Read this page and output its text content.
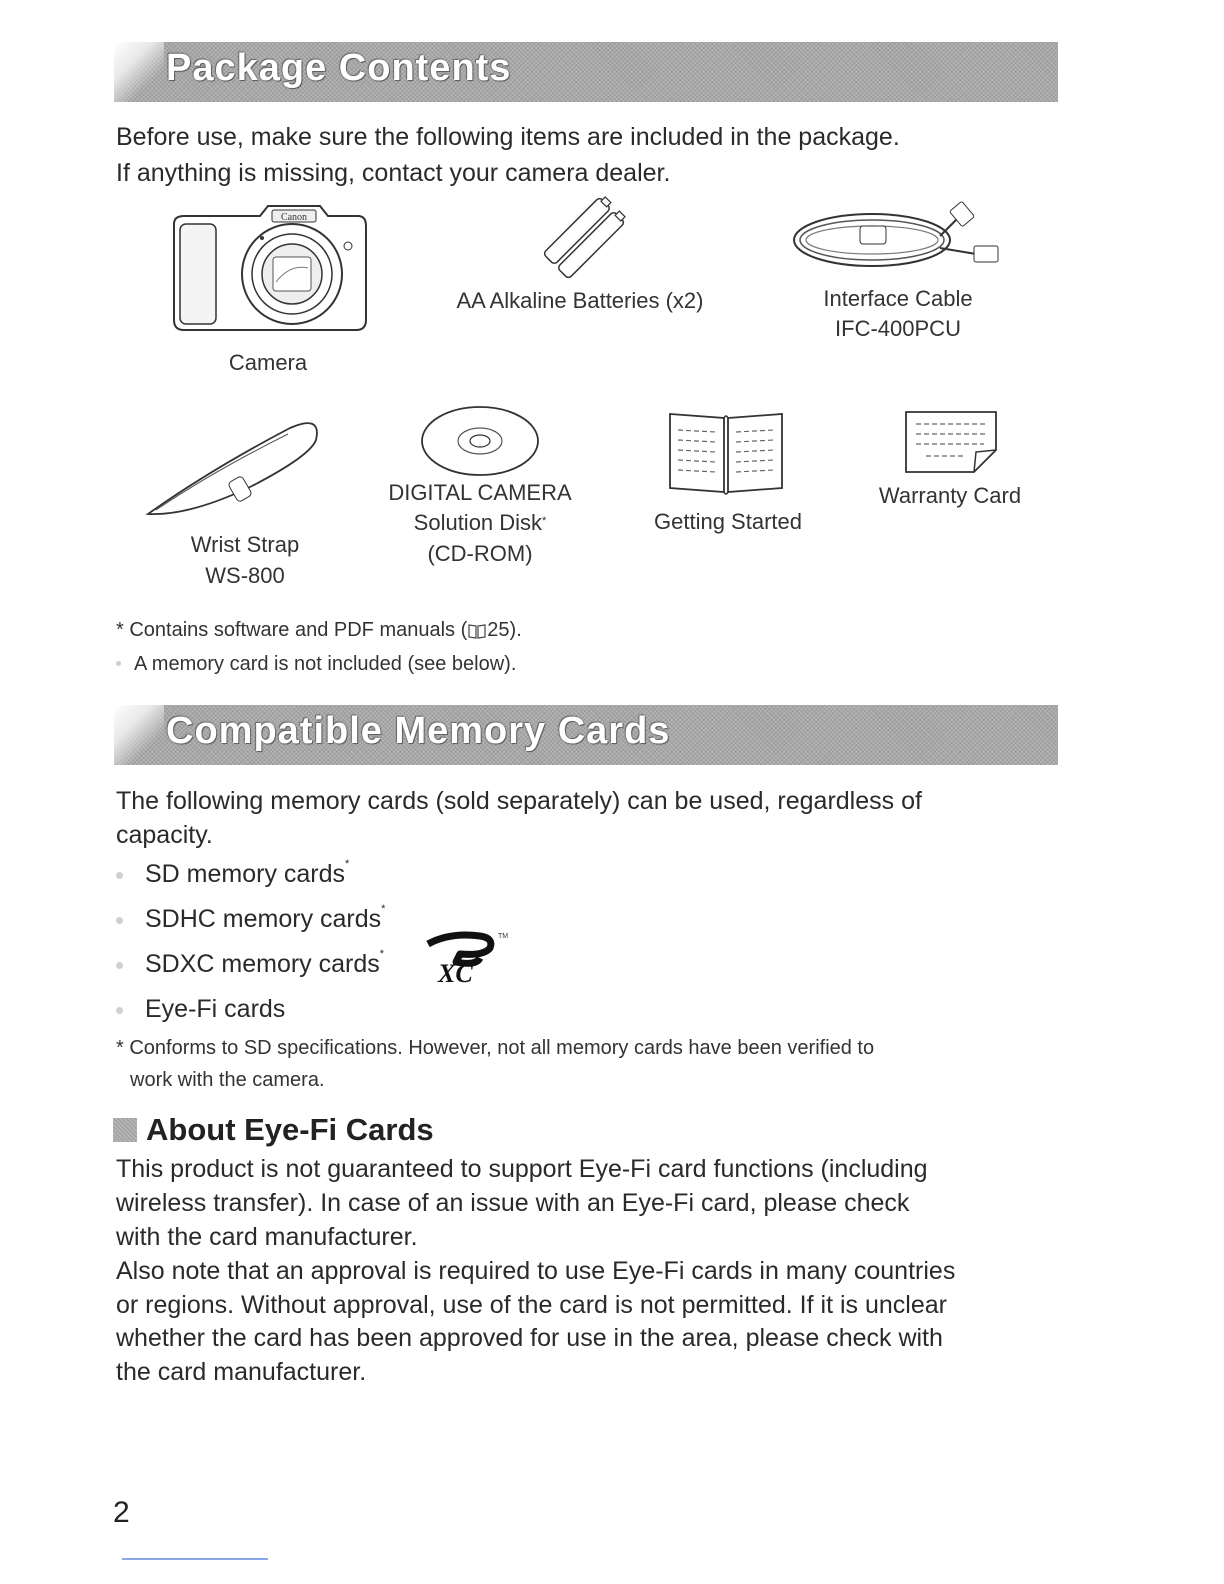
Package Contents
Before use, make sure the following items are included in the package.
If anything is missing, contact your camera dealer.
Canon
Camera
AA Alkaline Batteries (x2)	Interface Cable
IFC-400PCU
Wrist Strap
WS-800
DIGITAL CAMERA
Solution Disk*
(CD-ROM)
Getting Started
Warranty Card
* Contains software and PDF manuals ( 25).
A memory card is not included (see below).
Compatible Memory Cards
The following memory cards (sold separately) can be used, regardless of
capacity.
SD memory cards*
SDHC memory cards*
SDXC memory cards*
Eye-Fi cards
XC
TM
* Conforms to SD specifications. However, not all memory cards have been verified to
work with the camera.
About Eye-Fi Cards
This product is not guaranteed to support Eye-Fi card functions (including
wireless transfer). In case of an issue with an Eye-Fi card, please check
with the card manufacturer.
Also note that an approval is required to use Eye-Fi cards in many countries
or regions. Without approval, use of the card is not permitted. If it is unclear
whether the card has been approved for use in the area, please check with
the card manufacturer.
2
